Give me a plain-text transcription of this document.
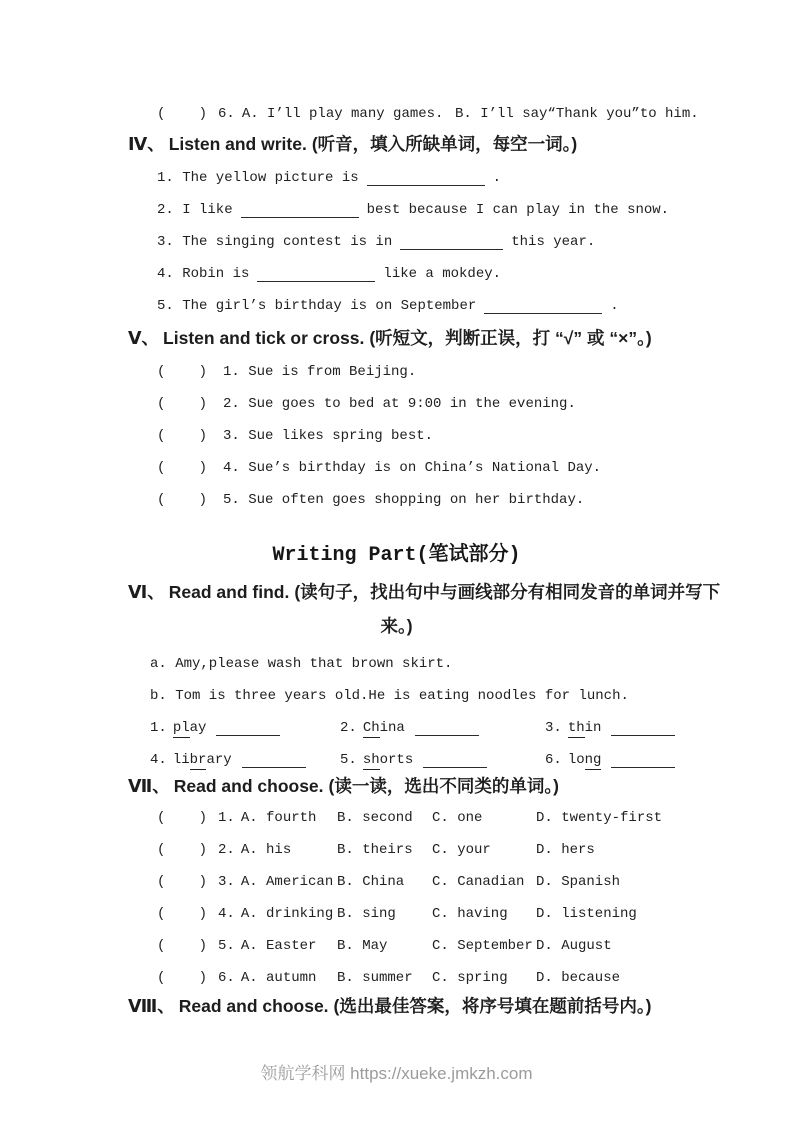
( ) 6. A. I’ll play many games. B. I’ll say“Thank you”to him.
Ⅳ、 Listen and write. (听音，填入所缺单词，每空一词。)
1. The yellow picture is	.
2. I like	best because I can play in the snow.
3. The singing contest is in	this year.
4. Robin is	like a mokdey.
5. The girl’s birthday is on September	.
Ⅴ、 Listen and tick or cross. (听短文，判断正误，打 “√” 或 “×”。)
( ) 1. Sue is from Beijing.
( ) 2. Sue goes to bed at 9:00 in the evening.
( ) 3. Sue likes spring best.
( ) 4. Sue’s birthday is on China’s National Day.
( ) 5. Sue often goes shopping on her birthday.
Writing Part(笔试部分)
Ⅵ、 Read and find. (读句子，找出句中与画线部分有相同发音的单词并写下
来。)
a. Amy,please wash that brown skirt.
b. Tom is three years old.He is eating noodles for lunch.
1. play	2. China	3. thin
4. library	5. shorts	6. long
Ⅶ、 Read and choose. (读一读，选出不同类的单词。)
( ) 1. A. fourth B. second	C. one	D. twenty-first
( ) 2. A. his	B. theirs	C. your	D. hers
( ) 3. A. American B. China	C. Canadian D. Spanish
( ) 4. A. drinking B. sing	C. having	D. listening
( ) 5. A. Easter B. May	C. September D. August
( ) 6. A. autumn B. summer	C. spring	D. because
Ⅷ、 Read and choose. (选出最佳答案，将序号填在题前括号内。)
领航学科网 https://xueke.jmkzh.com
